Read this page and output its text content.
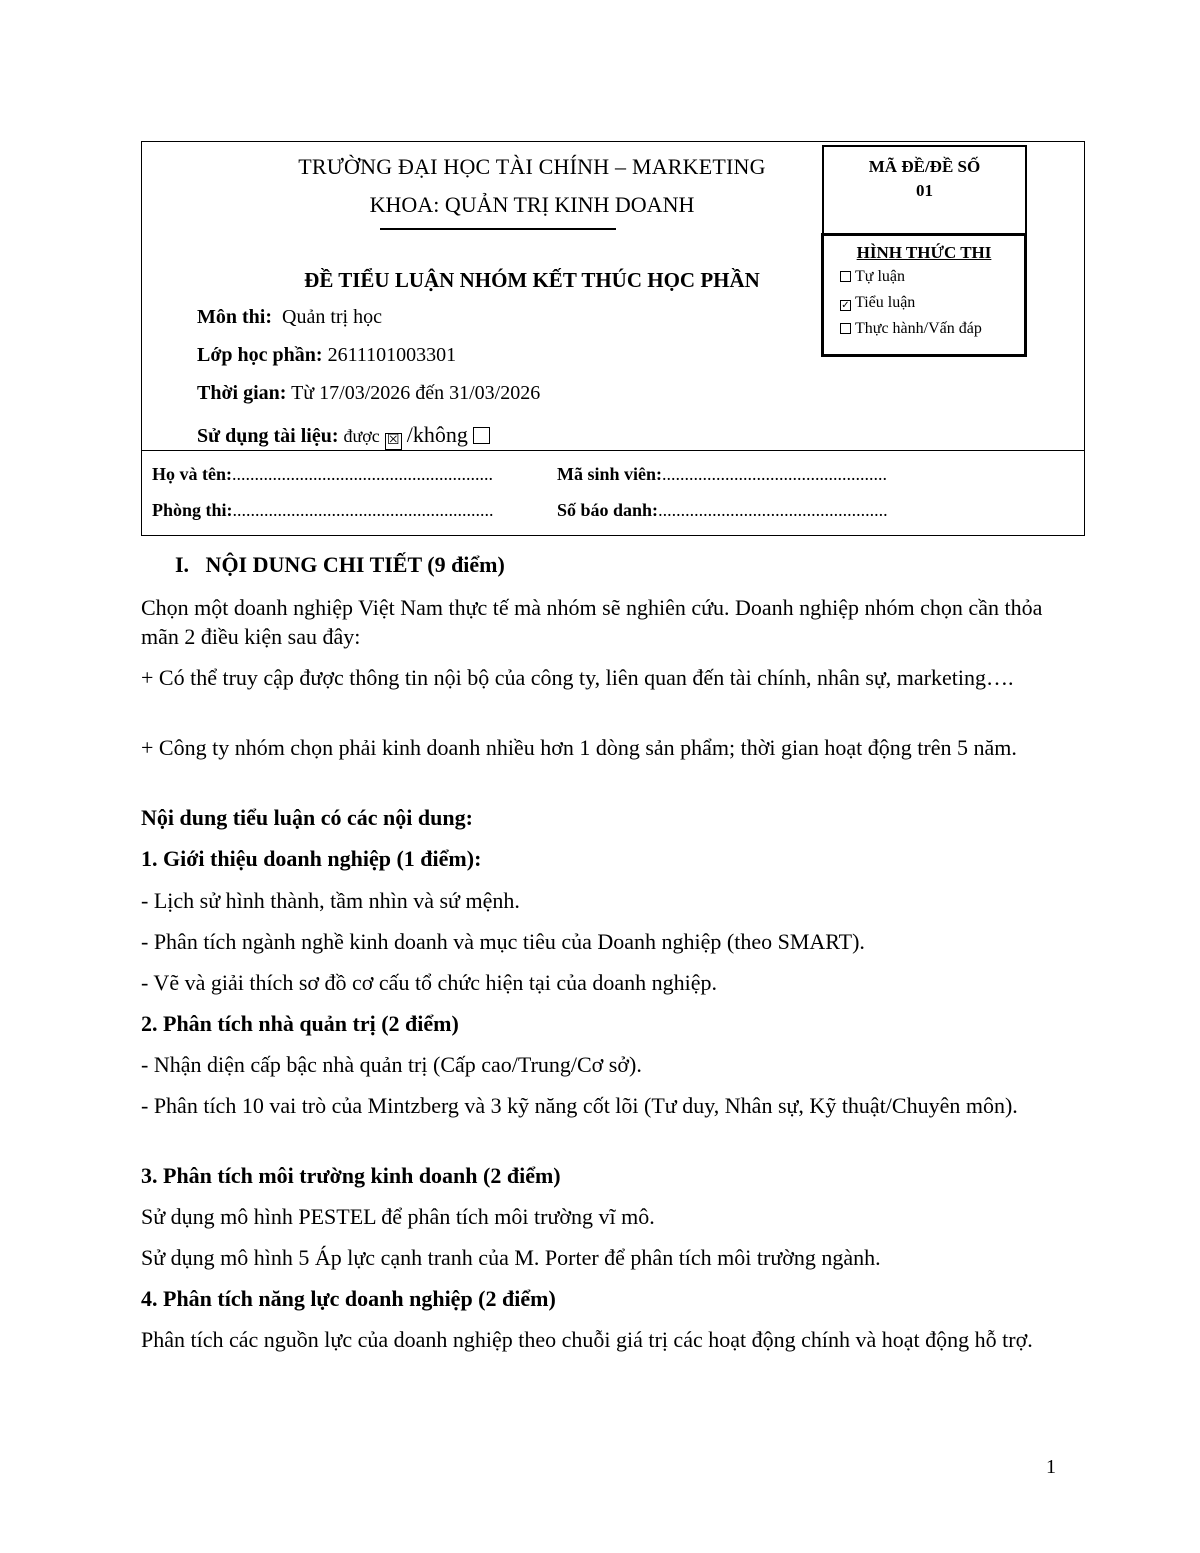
TRƯỜNG ĐẠI HỌC TÀI CHÍNH – MARKETING
KHOA: QUẢN TRỊ KINH DOANH
ĐỀ TIỂU LUẬN NHÓM KẾT THÚC HỌC PHẦN
Môn thi: Quản trị học
Lớp học phần: 2611101003301
Thời gian: Từ 17/03/2026 đến 31/03/2026
Sử dụng tài liệu: được ☒ /không
MÃ ĐỀ/ĐỀ SỐ
01
HÌNH THỨC THI
Tự luận
✓ Tiểu luận
Thực hành/Vấn đáp
Họ và tên:..........................................................	Mã sinh viên:..................................................
Phòng thi:..........................................................	Số báo danh:...................................................
I.   NỘI DUNG CHI TIẾT (9 điểm)
Chọn một doanh nghiệp Việt Nam thực tế mà nhóm sẽ nghiên cứu. Doanh nghiệp nhóm chọn cần thỏa mãn 2 điều kiện sau đây:
+ Có thể truy cập được thông tin nội bộ của công ty, liên quan đến tài chính, nhân sự, marketing….
+ Công ty nhóm chọn phải kinh doanh nhiều hơn 1 dòng sản phẩm; thời gian hoạt động trên 5 năm.
Nội dung tiểu luận có các nội dung:
1. Giới thiệu doanh nghiệp (1 điểm):
- Lịch sử hình thành, tầm nhìn và sứ mệnh.
- Phân tích ngành nghề kinh doanh và mục tiêu của Doanh nghiệp (theo SMART).
- Vẽ và giải thích sơ đồ cơ cấu tổ chức hiện tại của doanh nghiệp.
2. Phân tích nhà quản trị (2 điểm)
- Nhận diện cấp bậc nhà quản trị (Cấp cao/Trung/Cơ sở).
- Phân tích 10 vai trò của Mintzberg và 3 kỹ năng cốt lõi (Tư duy, Nhân sự, Kỹ thuật/Chuyên môn).
3. Phân tích môi trường kinh doanh (2 điểm)
Sử dụng mô hình PESTEL để phân tích môi trường vĩ mô.
Sử dụng mô hình 5 Áp lực cạnh tranh của M. Porter để phân tích môi trường ngành.
4. Phân tích năng lực doanh nghiệp (2 điểm)
Phân tích các nguồn lực của doanh nghiệp theo chuỗi giá trị các hoạt động chính và hoạt động hỗ trợ.
1
